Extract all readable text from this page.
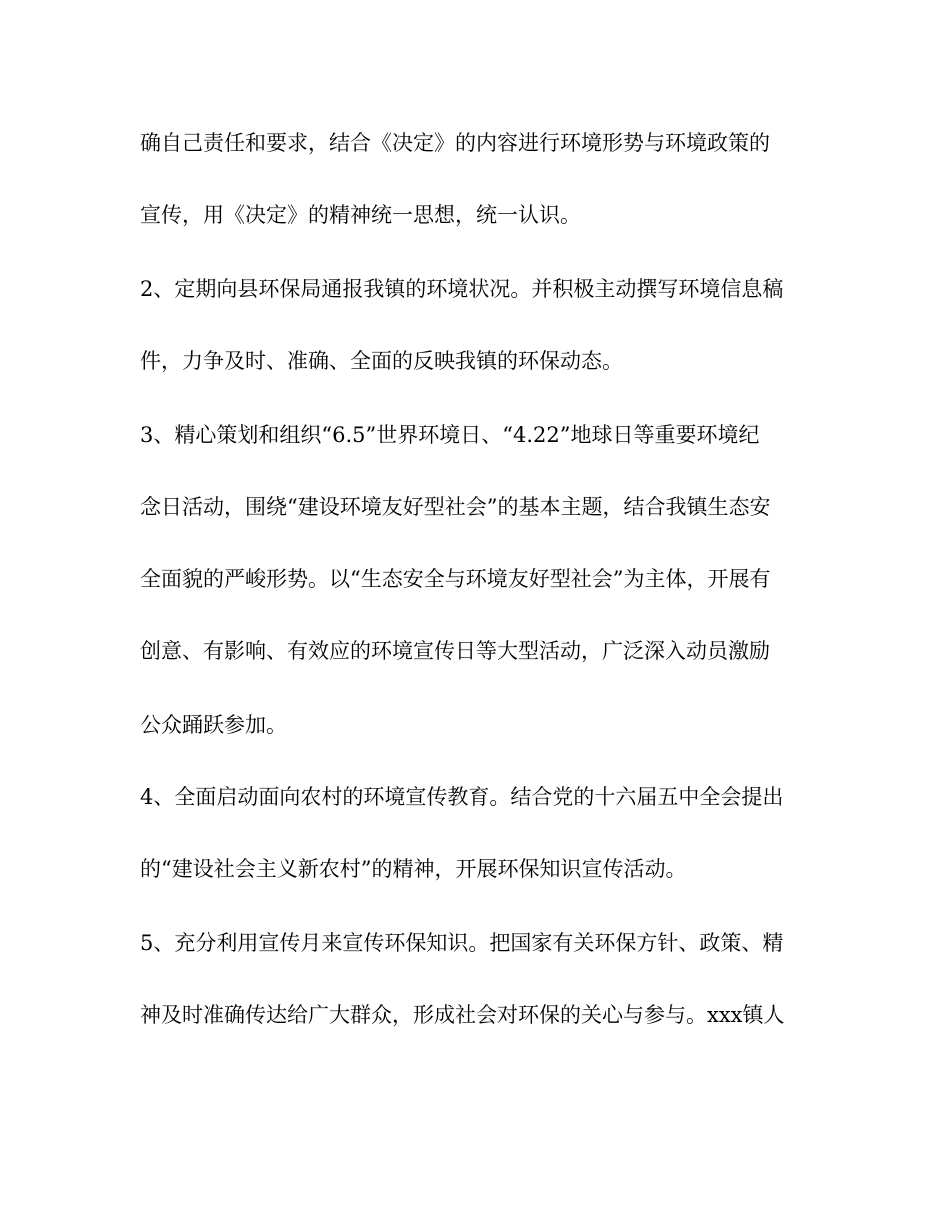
确自己责任和要求，结合《决定》的内容进行环境形势与环境政策的
宣传，用《决定》的精神统一思想，统一认识。
2、定期向县环保局通报我镇的环境状况。并积极主动撰写环境信息稿
件，力争及时、准确、全面的反映我镇的环保动态。
3、精心策划和组织“6.5”世界环境日、“4.22”地球日等重要环境纪
念日活动，围绕“建设环境友好型社会”的基本主题，结合我镇生态安
全面貌的严峻形势。以“生态安全与环境友好型社会”为主体，开展有
创意、有影响、有效应的环境宣传日等大型活动，广泛深入动员激励
公众踊跃参加。
4、全面启动面向农村的环境宣传教育。结合党的十六届五中全会提出
的“建设社会主义新农村”的精神，开展环保知识宣传活动。
5、充分利用宣传月来宣传环保知识。把国家有关环保方针、政策、精
神及时准确传达给广大群众，形成社会对环保的关心与参与。xxx镇人
